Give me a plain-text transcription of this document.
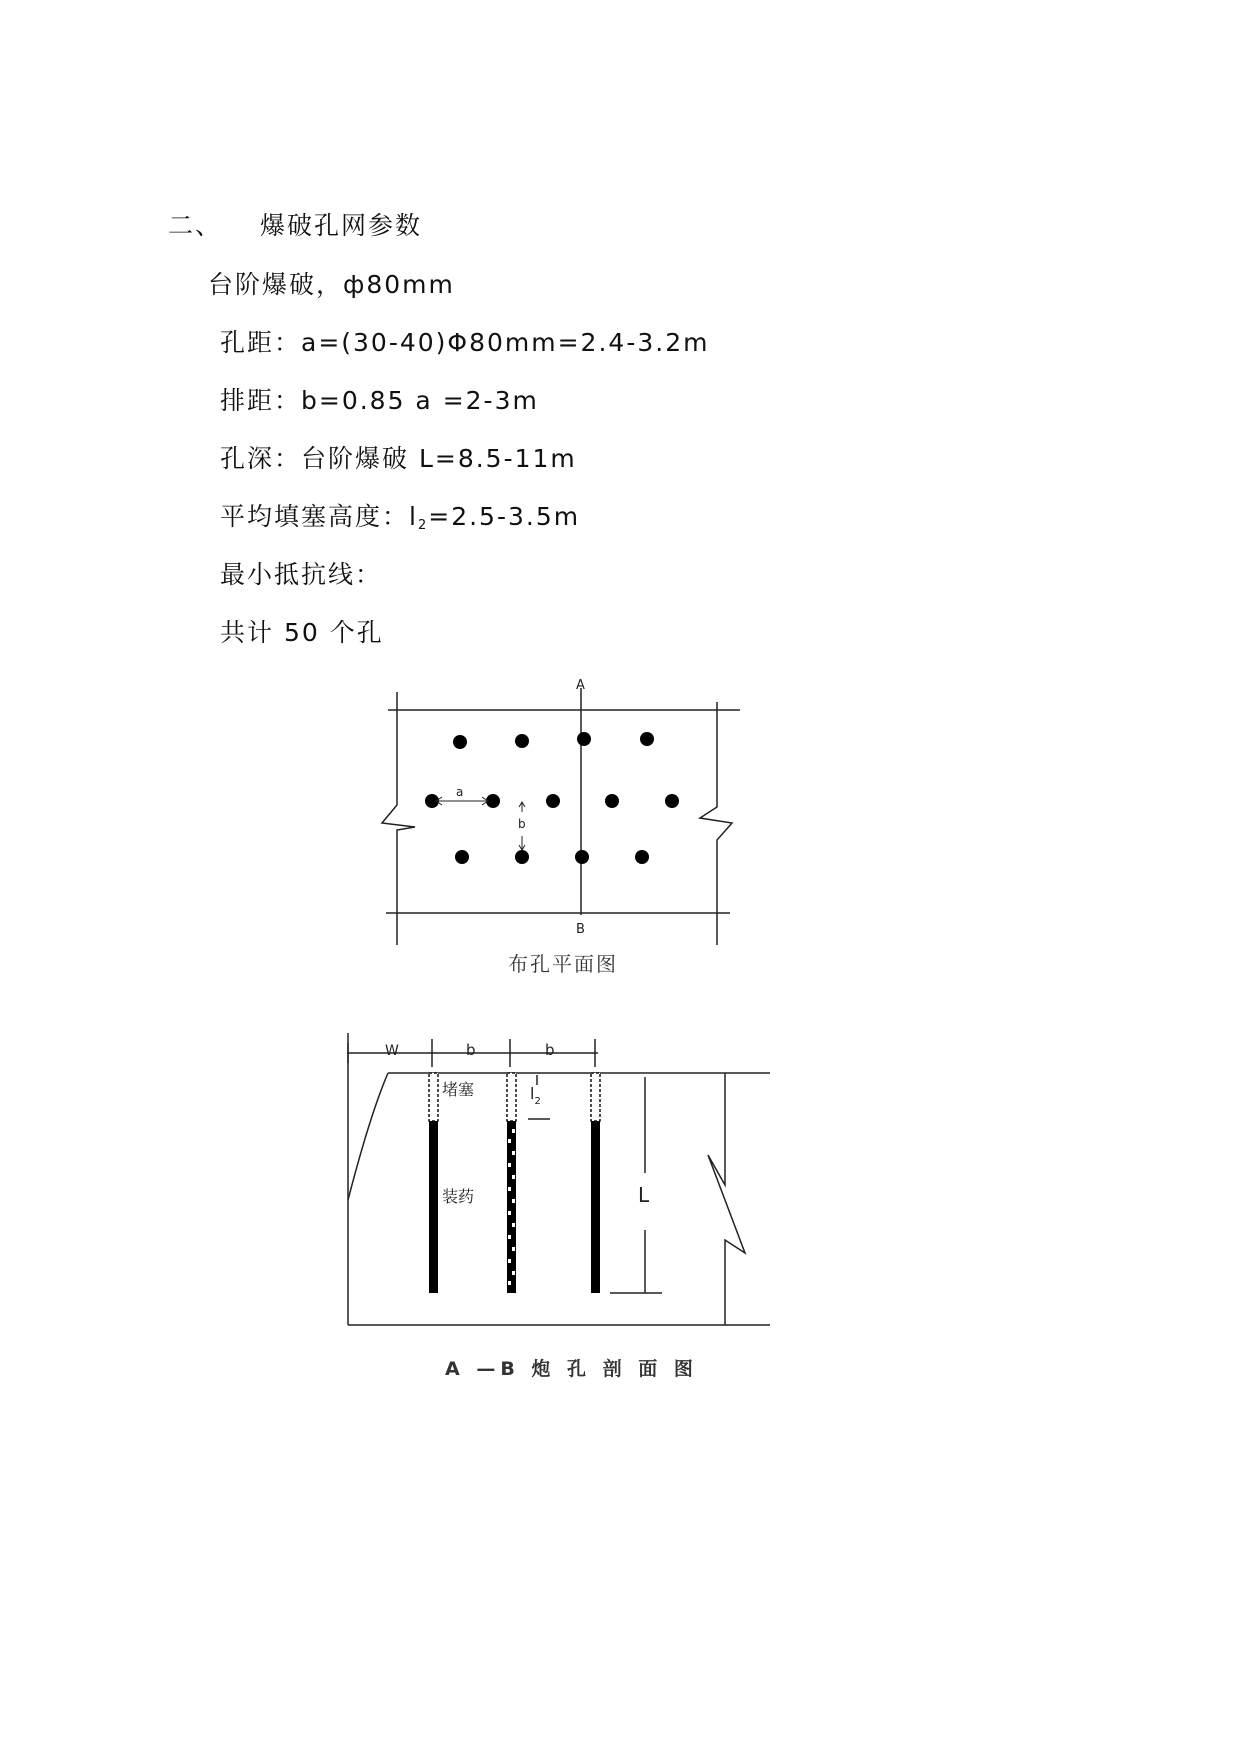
二、 爆破孔网参数
台阶爆破，ф80mm
孔距：a=(30-40)Φ80mm=2.4-3.2m
排距：b=0.85 a =2-3m
孔深：台阶爆破 L=8.5-11m
平均填塞高度：$l_2=2.5-3.5m$
最小抵抗线：
共计 50 个孔
A
B
a
b
布孔平面图
W	b	b
堵塞
装药
$l_2$
L
A —B 炮 孔 剖 面 图
